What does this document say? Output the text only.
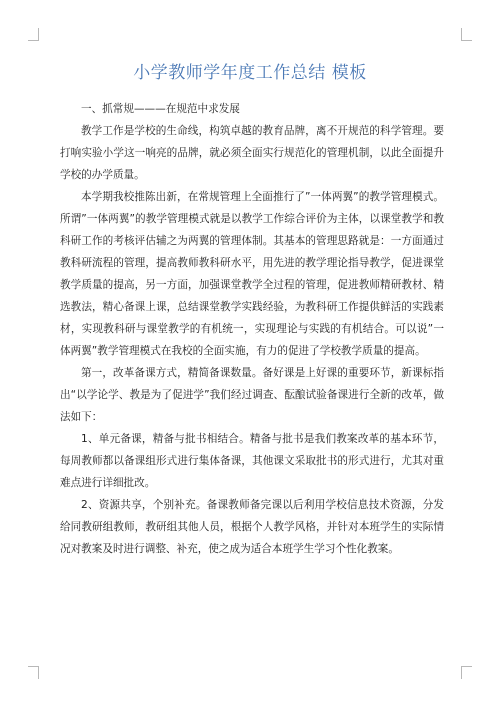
小学教师学年度工作总结 模板

一、抓常规———在规范中求发展

教学工作是学校的生命线，构筑卓越的教育品牌，离不开规范的科学管理。要打响实验小学这一响亮的品牌，就必须全面实行规范化的管理机制，以此全面提升学校的办学质量。

本学期我校推陈出新，在常规管理上全面推行了”一体两翼”的教学管理模式。所谓”一体两翼”的教学管理模式就是以教学工作综合评价为主体，以课堂教学和教科研工作的考核评估辅之为两翼的管理体制。其基本的管理思路就是：一方面通过教科研流程的管理，提高教师教科研水平，用先进的教学理论指导教学，促进课堂教学质量的提高，另一方面，加强课堂教学全过程的管理，促进教师精研教材、精选教法，精心备课上课，总结课堂教学实践经验，为教科研工作提供鲜活的实践素材，实现教科研与课堂教学的有机统一，实现理论与实践的有机结合。可以说”一体两翼”教学管理模式在我校的全面实施，有力的促进了学校教学质量的提高。

第一，改革备课方式，精简备课数量。备好课是上好课的重要环节，新课标指出“以学论学、教是为了促进学”我们经过调查、酝酿试验备课进行全新的改革，做法如下：

1、单元备课，精备与批书相结合。精备与批书是我们教案改革的基本环节，每周教师都以备课组形式进行集体备课，其他课文采取批书的形式进行，尤其对重难点进行详细批改。

2、资源共享，个别补充。备课教师备完课以后利用学校信息技术资源，分发给同教研组教师，教研组其他人员，根据个人教学风格，并针对本班学生的实际情况对教案及时进行调整、补充，使之成为适合本班学生学习个性化教案。
